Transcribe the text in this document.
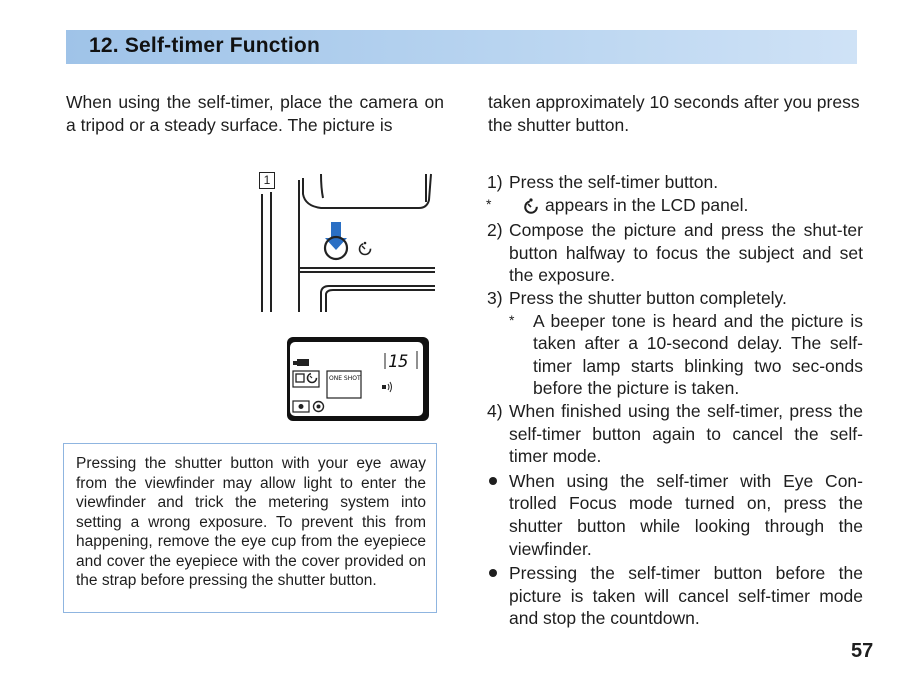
12. Self-timer Function
When using the self-timer, place the camera on a tripod or a steady surface. The picture is
taken approximately 10 seconds after you press the shutter button.
1
15
ONE SHOT
Pressing the shutter button with your eye away from the viewfinder may allow light to enter the viewfinder and trick the metering system into setting a wrong exposure. To prevent this from happening, remove the eye cup from the eyepiece and cover the eyepiece with the cover provided on the strap before pressing the shutter button.
1) Press the self-timer button.
*	appears in the LCD panel.
2) Compose the picture and press the shut-ter button halfway to focus the subject and set the exposure.
3) Press the shutter button completely.
* A beeper tone is heard and the picture is taken after a 10-second delay. The self-timer lamp starts blinking two sec-onds before the picture is taken.
4) When finished using the self-timer, press the self-timer button again to cancel the self-timer mode.
When using the self-timer with Eye Con-trolled Focus mode turned on, press the shutter button while looking through the viewfinder.
Pressing the self-timer button before the picture is taken will cancel self-timer mode and stop the countdown.
57
